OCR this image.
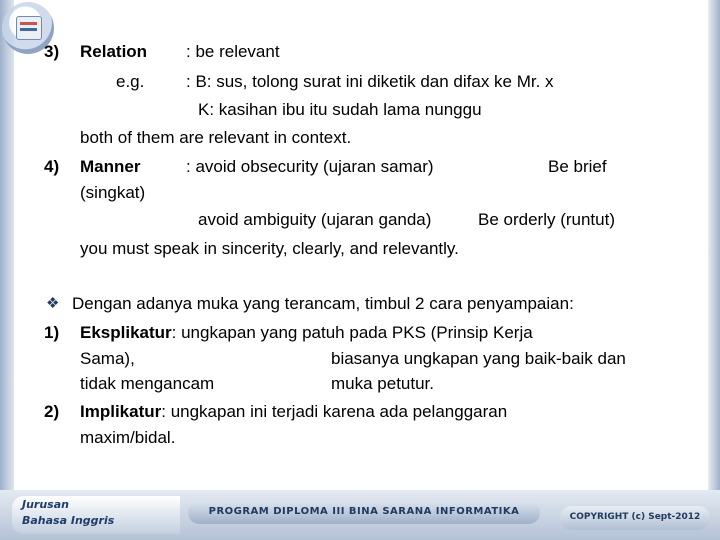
3) Relation : be relevant
e.g. : B: sus, tolong surat ini diketik dan difax ke Mr. x
K: kasihan ibu itu sudah lama nunggu
both of them are relevant in context.
4) Manner	: avoid obsecurity (ujaran samar)	Be brief
(singkat)
avoid ambiguity (ujaran ganda)	Be orderly (runtut)
you must speak in sincerity, clearly, and relevantly.
❖ Dengan adanya muka yang terancam, timbul 2 cara penyampaian:
1) Eksplikatur: ungkapan yang patuh pada PKS (Prinsip Kerja
Sama),	biasanya ungkapan yang baik-baik dan
tidak mengancam	muka petutur.
2) Implikatur: ungkapan ini terjadi karena ada pelanggaran
maxim/bidal.
Jurusan
Bahasa Inggris
PROGRAM DIPLOMA III BINA SARANA INFORMATIKA	COPYRIGHT (c) Sept-2012
